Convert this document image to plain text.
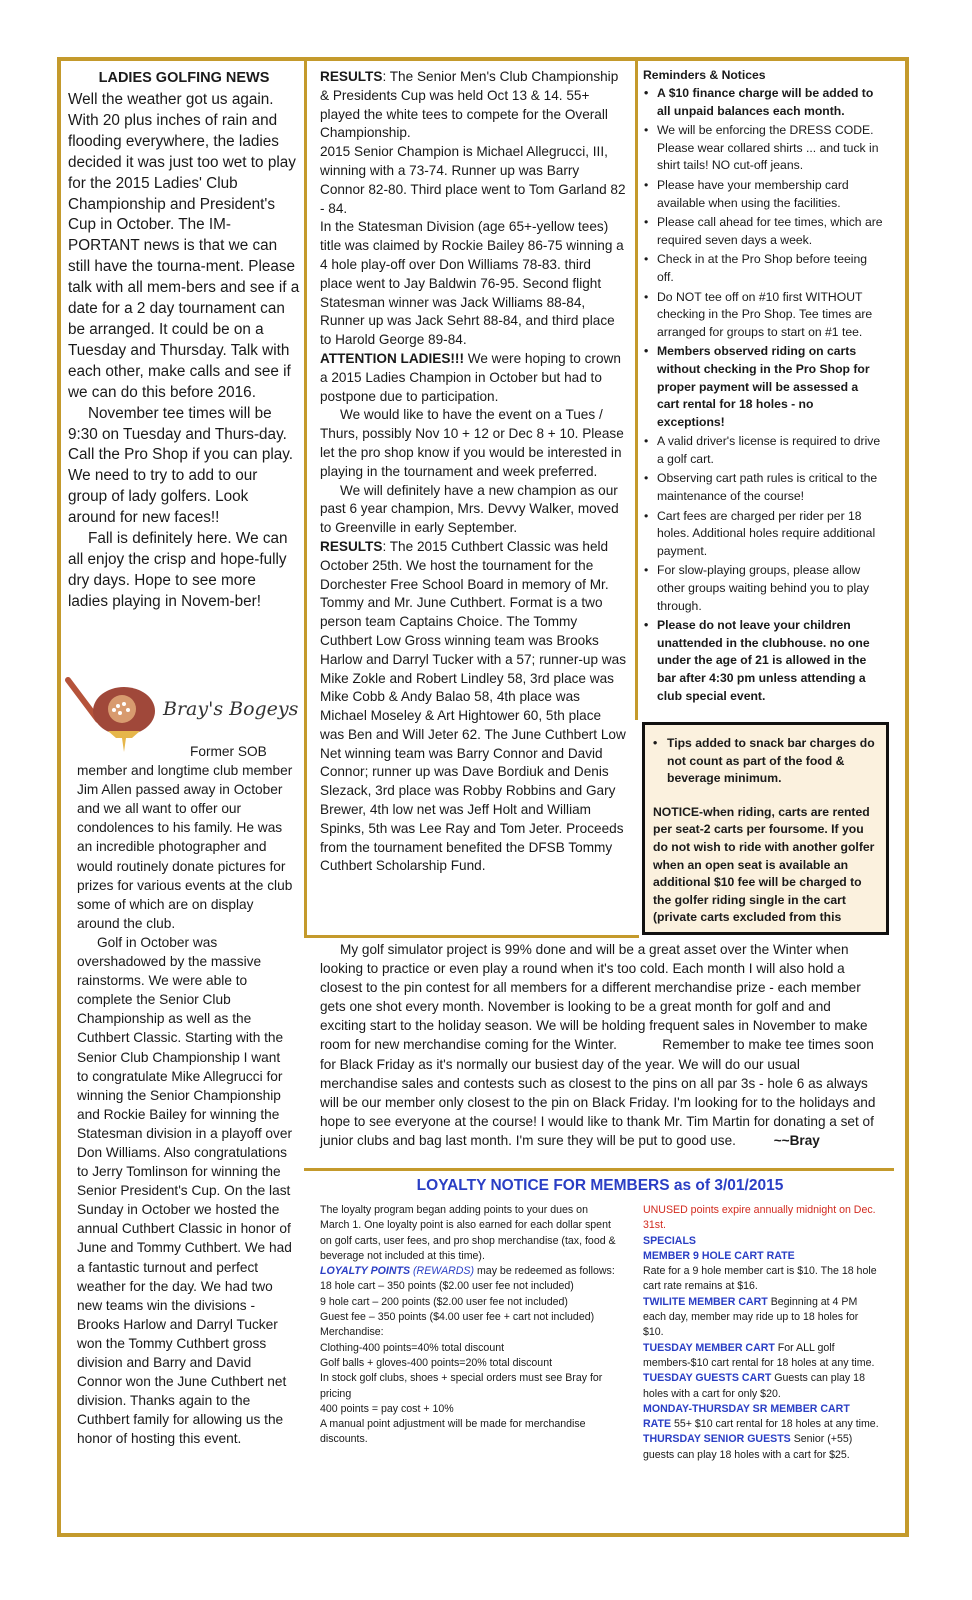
LADIES GOLFING NEWS

Well the weather got us again. With 20 plus inches of rain and flooding everywhere, the ladies decided it was just too wet to play for the 2015 Ladies' Club Championship and President's Cup in October. The IM-PORTANT news is that we can still have the tourna-ment. Please talk with all mem-bers and see if a date for a 2 day tournament can be arranged. It could be on a Tuesday and Thursday. Talk with each other, make calls and see if we can do this before 2016.

November tee times will be 9:30 on Tuesday and Thurs-day. Call the Pro Shop if you can play. We need to try to add to our group of lady golfers. Look around for new faces!!

Fall is definitely here. We can all enjoy the crisp and hope-fully dry days. Hope to see more ladies playing in Novem-ber!

Bray's Bogeys

Former SOB member and longtime club member Jim Allen passed away in October and we all want to offer our condolences to his family. He was an incredible photographer and would routinely donate pictures for prizes for various events at the club some of which are on display around the club.

Golf in October was overshadowed by the massive rainstorms. We were able to complete the Senior Club Championship as well as the Cuthbert Classic. Starting with the Senior Club Championship I want to congratulate Mike Allegrucci for winning the Senior Championship and Rockie Bailey for winning the Statesman division in a playoff over Don Williams. Also congratulations to Jerry Tomlinson for winning the Senior President's Cup. On the last Sunday in October we hosted the annual Cuthbert Classic in honor of June and Tommy Cuthbert. We had a fantastic turnout and perfect weather for the day. We had two new teams win the divisions - Brooks Harlow and Darryl Tucker won the Tommy Cuthbert gross division and Barry and David Connor won the June Cuthbert net division. Thanks again to the Cuthbert family for allowing us the honor of hosting this event.

RESULTS: The Senior Men's Club Championship & Presidents Cup was held Oct 13 & 14. 55+ played the white tees to compete for the Overall Championship.

2015 Senior Champion is Michael Allegrucci, III, winning with a 73-74. Runner up was Barry Connor 82-80. Third place went to Tom Garland 82 - 84.

In the Statesman Division (age 65+-yellow tees) title was claimed by Rockie Bailey 86-75 winning a 4 hole play-off over Don Williams 78-83. third place went to Jay Baldwin 76-95. Second flight Statesman winner was Jack Williams 88-84, Runner up was Jack Sehrt 88-84, and third place to Harold George 89-84.

ATTENTION LADIES!!! We were hoping to crown a 2015 Ladies Champion in October but had to postpone due to participation.

We would like to have the event on a Tues / Thurs, possibly Nov 10 + 12 or Dec 8 + 10. Please let the pro shop know if you would be interested in playing in the tournament and week preferred.

We will definitely have a new champion as our past 6 year champion, Mrs. Devvy Walker, moved to Greenville in early September.

RESULTS: The 2015 Cuthbert Classic was held October 25th. We host the tournament for the Dorchester Free School Board in memory of Mr. Tommy and Mr. June Cuthbert. Format is a two person team Captains Choice. The Tommy Cuthbert Low Gross winning team was Brooks Harlow and Darryl Tucker with a 57; runner-up was Mike Zokle and Robert Lindley 58, 3rd place was Mike Cobb & Andy Balao 58, 4th place was Michael Moseley & Art Hightower 60, 5th place was Ben and Will Jeter 62. The June Cuthbert Low Net winning team was Barry Connor and David Connor; runner up was Dave Bordiuk and Denis Slezack, 3rd place was Robby Robbins and Gary Brewer, 4th low net was Jeff Holt and William Spinks, 5th was Lee Ray and Tom Jeter. Proceeds from the tournament benefited the DFSB Tommy Cuthbert Scholarship Fund.

Reminders & Notices
• A $10 finance charge will be added to all unpaid balances each month.
• We will be enforcing the DRESS CODE. Please wear collared shirts ... and tuck in shirt tails! NO cut-off jeans.
• Please have your membership card available when using the facilities.
• Please call ahead for tee times, which are required seven days a week.
• Check in at the Pro Shop before teeing off.
• Do NOT tee off on #10 first WITHOUT checking in the Pro Shop. Tee times are arranged for groups to start on #1 tee.
• Members observed riding on carts without checking in the Pro Shop for proper payment will be assessed a cart rental for 18 holes - no exceptions!
• A valid driver's license is required to drive a golf cart.
• Observing cart path rules is critical to the maintenance of the course!
• Cart fees are charged per rider per 18 holes. Additional holes require additional payment.
• For slow-playing groups, please allow other groups waiting behind you to play through.
• Please do not leave your children unattended in the clubhouse. no one under the age of 21 is allowed in the bar after 4:30 pm unless attending a club special event.
• Tips added to snack bar charges do not count as part of the food & beverage minimum.
NOTICE-when riding, carts are rented per seat-2 carts per foursome. If you do not wish to ride with another golfer when an open seat is available an additional $10 fee will be charged to the golfer riding single in the cart (private carts excluded from this

My golf simulator project is 99% done and will be a great asset over the Winter when looking to practice or even play a round when it's too cold. Each month I will also hold a closest to the pin contest for all members for a different merchandise prize - each member gets one shot every month. November is looking to be a great month for golf and and exciting start to the holiday season. We will be holding frequent sales in November to make room for new merchandise coming for the Winter.	Remember to make tee times soon for Black Friday as it's normally our busiest day of the year. We will do our usual merchandise sales and contests such as closest to the pins on all par 3s - hole 6 as always will be our member only closest to the pin on Black Friday. I'm looking for to the holidays and hope to see everyone at the course! I would like to thank Mr. Tim Martin for donating a set of junior clubs and bag last month. I'm sure they will be put to good use.	~~Bray

LOYALTY NOTICE FOR MEMBERS as of 3/01/2015

The loyalty program began adding points to your dues on March 1. One loyalty point is also earned for each dollar spent on golf carts, user fees, and pro shop merchandise (tax, food & beverage not included at this time).

LOYALTY POINTS (REWARDS) may be redeemed as follows:

18 hole cart – 350 points ($2.00 user fee not included)

9 hole cart – 200 points ($2.00 user fee not included)

Guest fee – 350 points ($4.00 user fee + cart not included)

Merchandise:

Clothing-400 points=40% total discount

Golf balls + gloves-400 points=20% total discount

In stock golf clubs, shoes + special orders must see Bray for pricing

400 points = pay cost + 10%

A manual point adjustment will be made for merchandise discounts.

UNUSED points expire annually midnight on Dec. 31st.

SPECIALS

MEMBER 9 HOLE CART RATE

Rate for a 9 hole member cart is $10. The 18 hole cart rate remains at $16.

TWILITE MEMBER CART Beginning at 4 PM each day, member may ride up to 18 holes for $10.

TUESDAY MEMBER CART For ALL golf members-$10 cart rental for 18 holes at any time.

TUESDAY GUESTS CART Guests can play 18 holes with a cart for only $20.

MONDAY-THURSDAY SR MEMBER CART RATE 55+ $10 cart rental for 18 holes at any time.

THURSDAY SENIOR GUESTS Senior (+55) guests can play 18 holes with a cart for $25.
